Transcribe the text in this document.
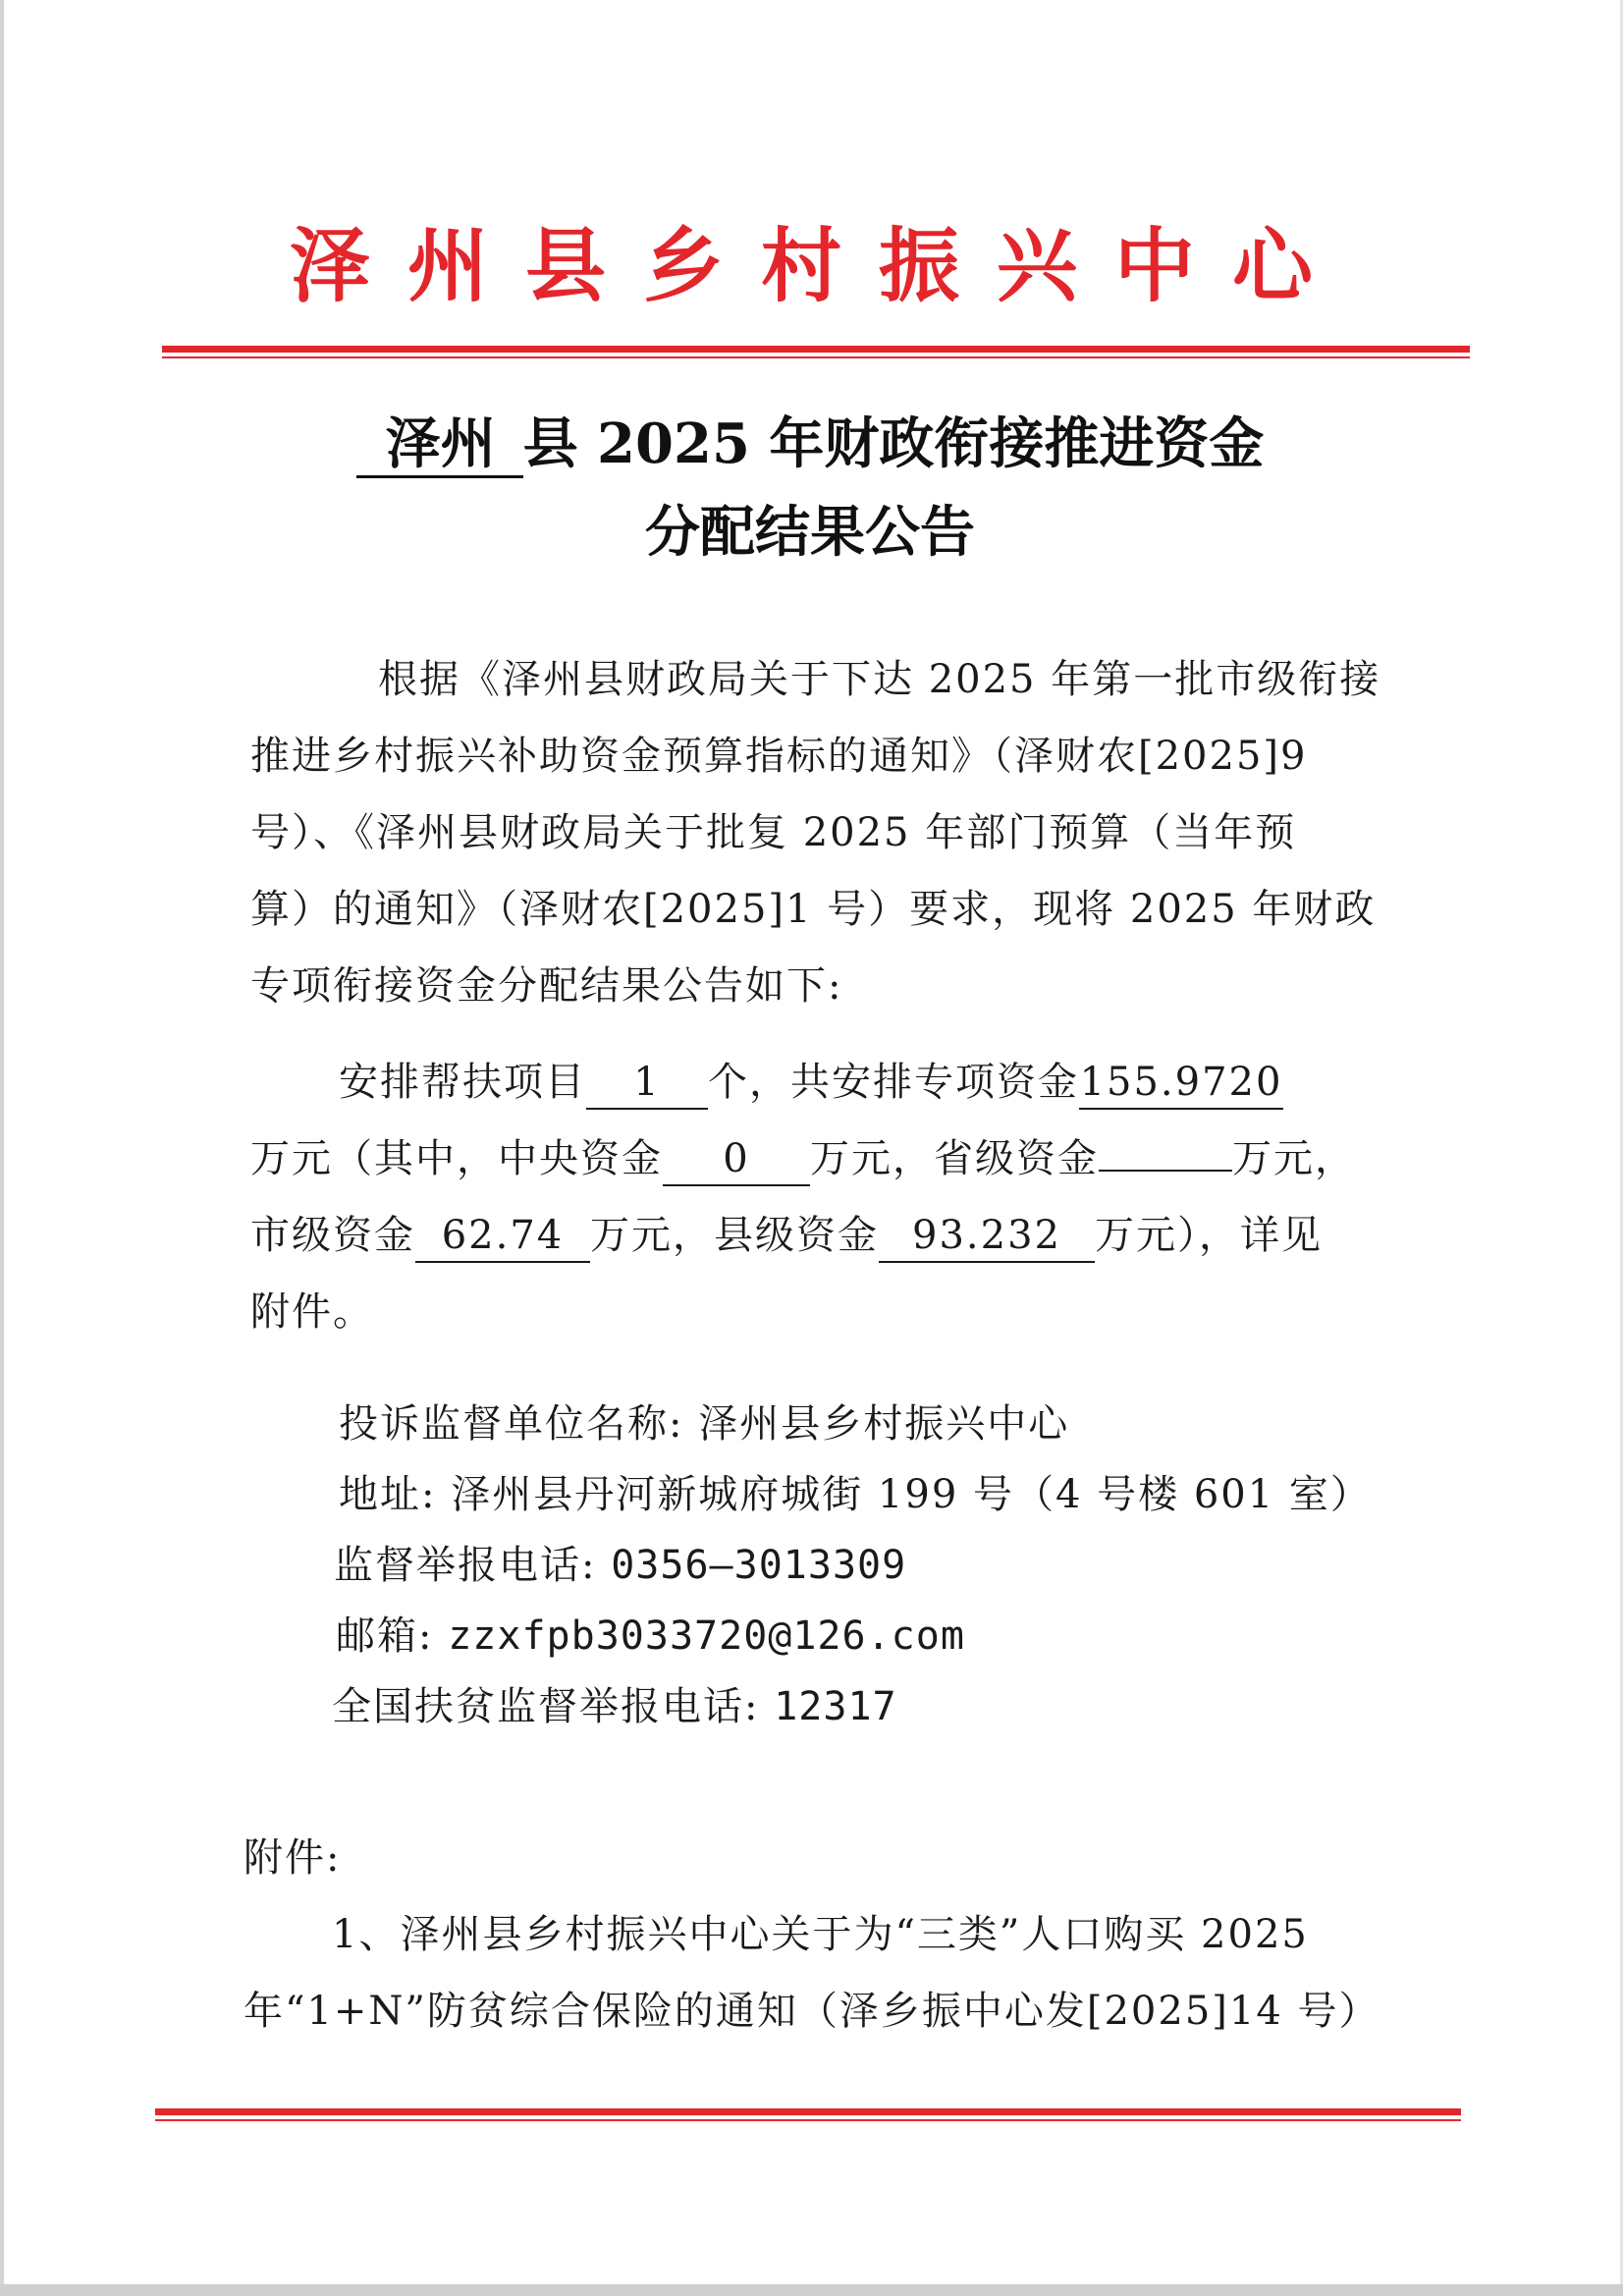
泽州县乡村振兴中心
泽州 县 2025 年财政衔接推进资金
分配结果公告
根据《泽州县财政局关于下达 2025 年第一批市级衔接
推进乡村振兴补助资金预算指标的通知》（泽财农[2025]9
号）、《泽州县财政局关于批复 2025 年部门预算（当年预
算）的通知》（泽财农[2025]1 号）要求，现将 2025 年财政
专项衔接资金分配结果公告如下:
安排帮扶项目 1 个，共安排专项资金155.9720
万元（其中，中央资金 0 万元，省级资金	万元，
市级资金 62.74 万元，县级资金 93.232 万元），详见
附件。
投诉监督单位名称: 泽州县乡村振兴中心
地址: 泽州县丹河新城府城街 199 号（4 号楼 601 室）
监督举报电话: 0356—3013309
邮箱: zzxfpb3033720@126.com
全国扶贫监督举报电话: 12317
附件:
1、泽州县乡村振兴中心关于为“三类”人口购买 2025
年“1+N”防贫综合保险的通知（泽乡振中心发[2025]14 号）
